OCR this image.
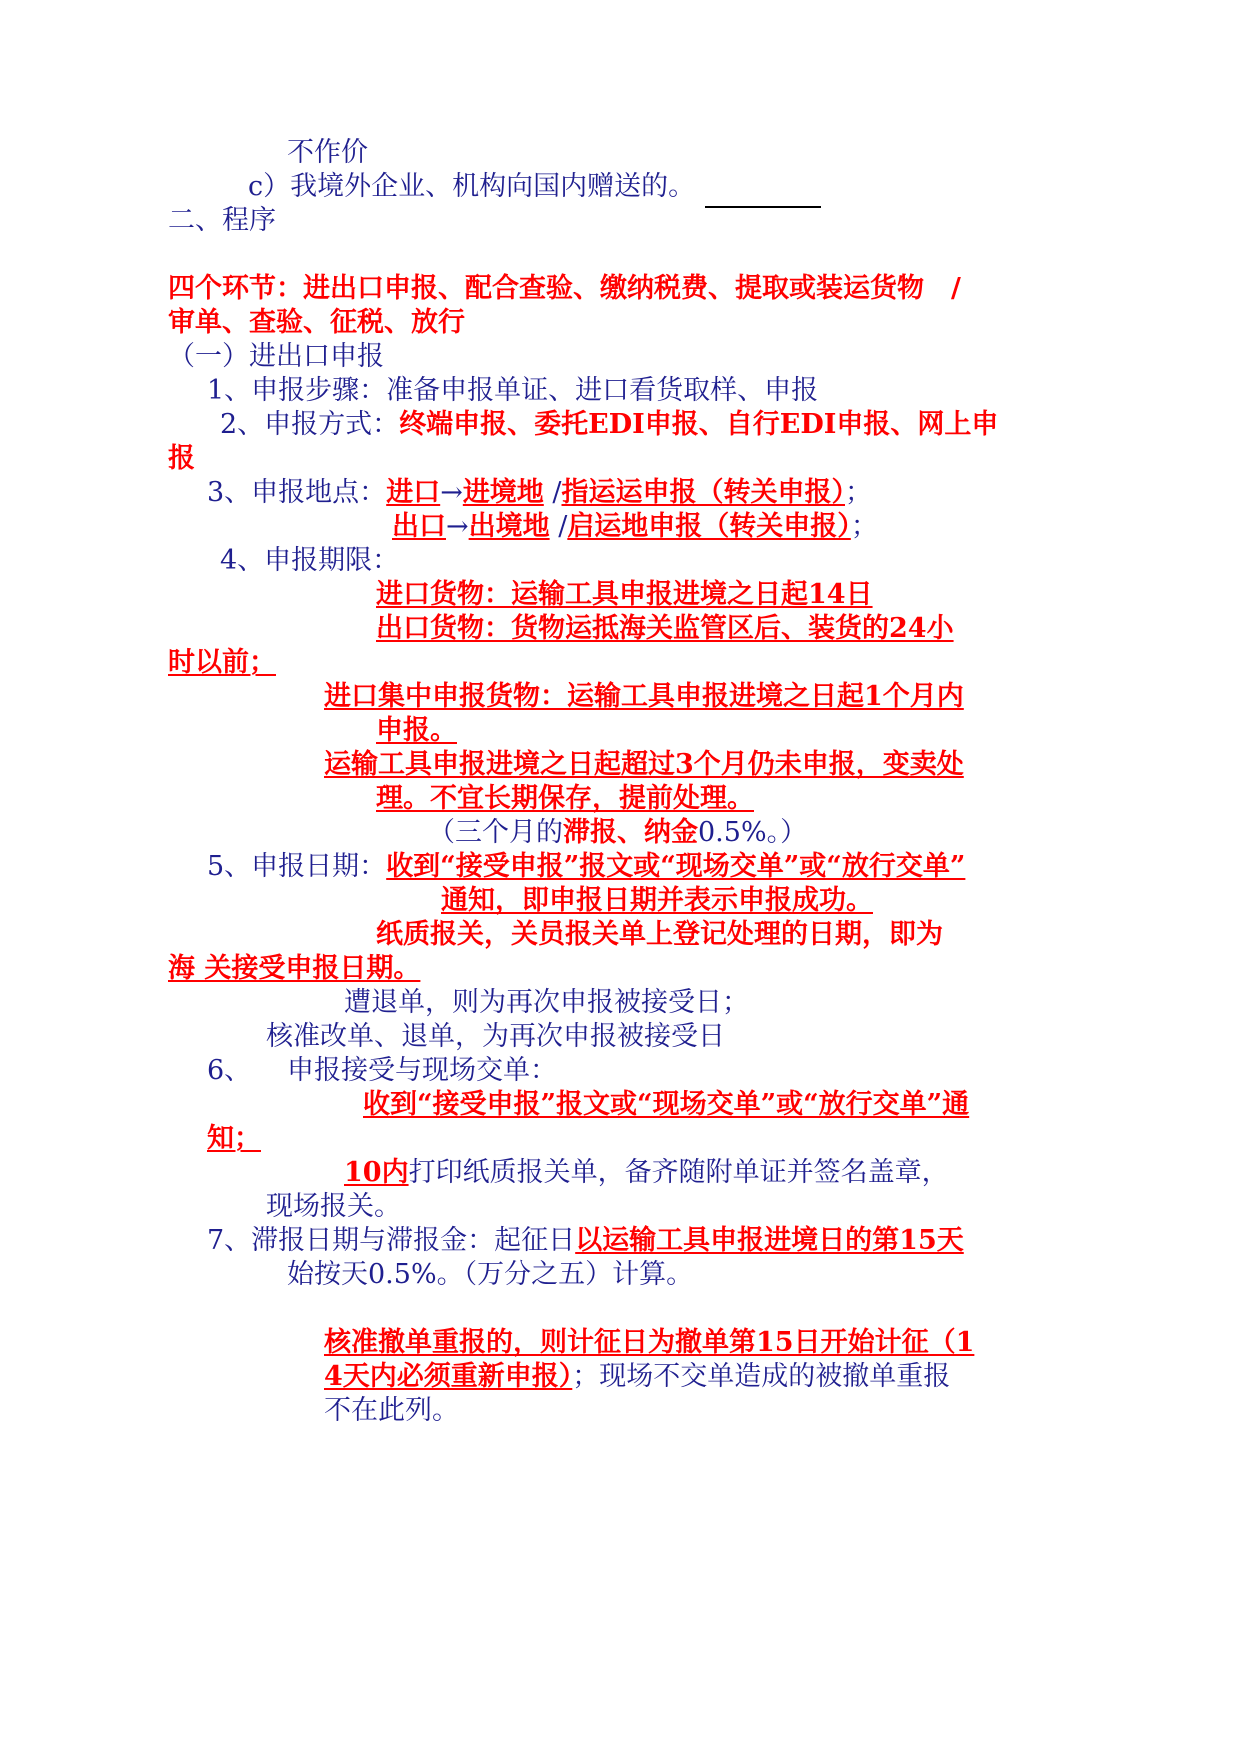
不作价
c）我境外企业、机构向国内赠送的。
二、程序
四个环节：进出口申报、配合查验、缴纳税费、提取或装运货物　/
审单、查验、征税、放行
（一）进出口申报
1、申报步骤：准备申报单证、进口看货取样、申报
2、申报方式：终端申报、委托EDI申报、自行EDI申报、网上申
报
3、申报地点：进口→进境地 /指运运申报（转关申报）；
出口→出境地 /启运地申报（转关申报）；
4、申报期限：
进口货物：运输工具申报进境之日起14日
出口货物：货物运抵海关监管区后、装货的24小
时以前；
进口集中申报货物：运输工具申报进境之日起1个月内
申报。
运输工具申报进境之日起超过3个月仍未申报，变卖处
理。不宜长期保存，提前处理。
（三个月的滞报、纳金0.5%。）
5、申报日期：收到“接受申报”报文或“现场交单”或“放行交单”
通知，即申报日期并表示申报成功。
纸质报关，关员报关单上登记处理的日期，即为
海 关接受申报日期。
遭退单，则为再次申报被接受日；
核准改单、退单，为再次申报被接受日
6、 申报接受与现场交单：
收到“接受申报”报文或“现场交单”或“放行交单”通
知；
10内打印纸质报关单，备齐随附单证并签名盖章，
现场报关。
7、滞报日期与滞报金：起征日以运输工具申报进境日的第15天
始按天0.5%。（万分之五）计算。
核准撤单重报的，则计征日为撤单第15日开始计征（1
4天内必须重新申报）；现场不交单造成的被撤单重报
不在此列。
